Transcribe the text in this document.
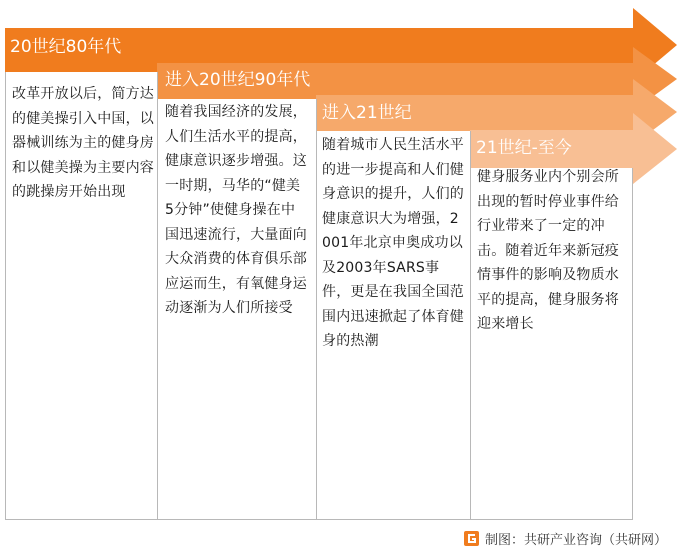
20世纪80年代
进入20世纪90年代
进入21世纪
21世纪-至今
改革开放以后，简方达的健美操引入中国，以器械训练为主的健身房和以健美操为主要内容的跳操房开始出现
随着我国经济的发展，人们生活水平的提高，健康意识逐步增强。这一时期，马华的“健美5分钟”使健身操在中国迅速流行，大量面向大众消费的体育俱乐部应运而生，有氧健身运动逐渐为人们所接受
随着城市人民生活水平的进一步提高和人们健身意识的提升，人们的健康意识大为增强，2001年北京申奥成功以及2003年SARS事件，更是在我国全国范围内迅速掀起了体育健身的热潮
健身服务业内个别会所出现的暂时停业事件给行业带来了一定的冲击。随着近年来新冠疫情事件的影响及物质水平的提高，健身服务将迎来增长
制图：共研产业咨询（共研网）
